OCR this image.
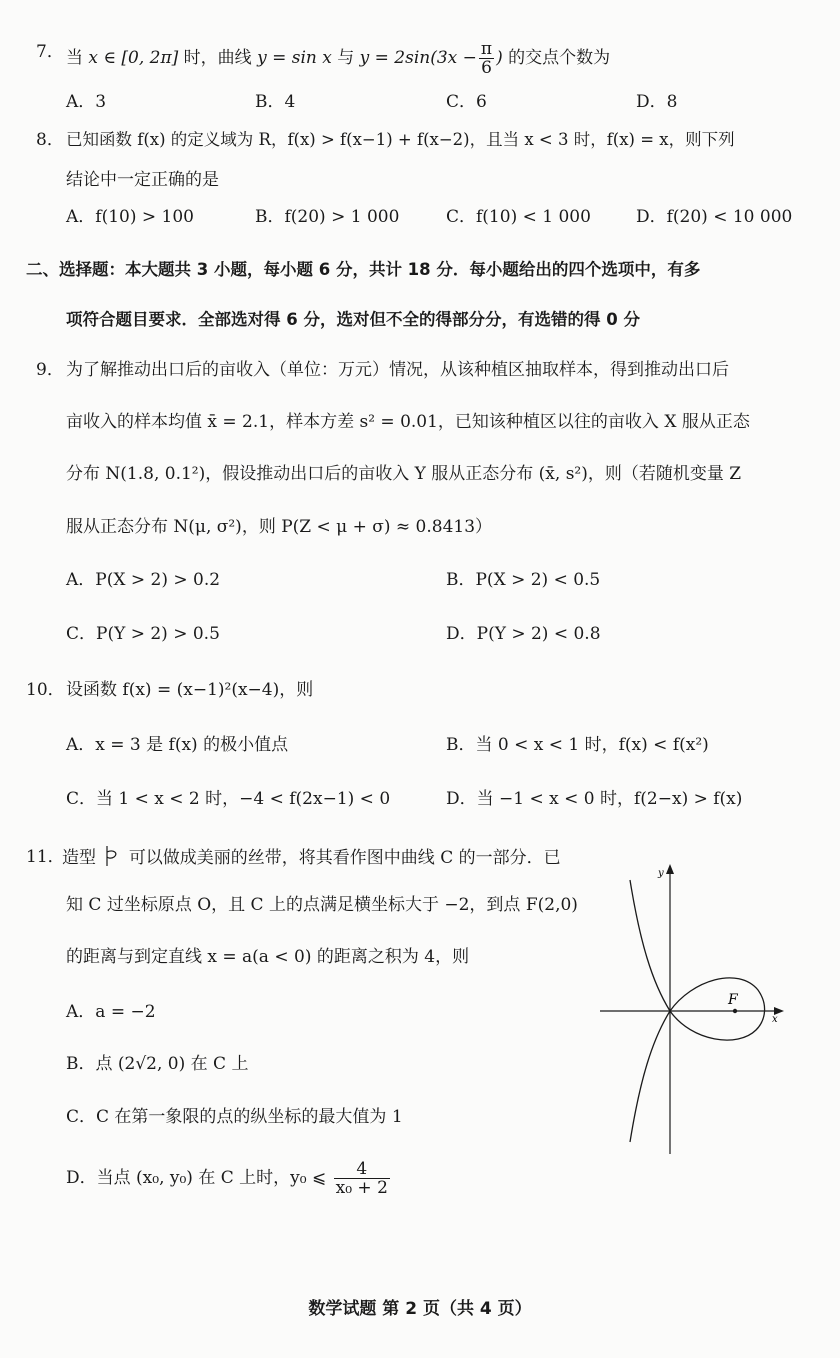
7． 当 x ∈ [0, 2π] 时，曲线 y = sin x 与 $y = 2\sin(3x - \frac{\pi}{6}$ ) 的交点个数为
A．3	B．4	C．6	D．8
8． 已知函数 f(x) 的定义域为 R，f(x) > f(x−1) + f(x−2)，且当 x < 3 时，f(x) = x，则下列
结论中一定正确的是
A．f(10) > 100	B．f(20) > 1 000	C．f(10) < 1 000	D．f(20) < 10 000
二、选择题：本大题共 3 小题，每小题 6 分，共计 18 分．每小题给出的四个选项中，有多
项符合题目要求．全部选对得 6 分，选对但不全的得部分分，有选错的得 0 分
9． 为了解推动出口后的亩收入（单位：万元）情况，从该种植区抽取样本，得到推动出口后
亩收入的样本均值 x̄ = 2.1，样本方差 s² = 0.01，已知该种植区以往的亩收入 X 服从正态
分布 N(1.8, 0.1²)，假设推动出口后的亩收入 Y 服从正态分布 (x̄, s²)，则（若随机变量 Z
服从正态分布 N(μ, σ²)，则 P(Z < μ + σ) ≈ 0.8413）
A．P(X > 2) > 0.2	B．P(X > 2) < 0.5
C．P(Y > 2) > 0.5	D．P(Y > 2) < 0.8
10． 设函数 f(x) = (x−1)²(x−4)，则
A．x = 3 是 f(x) 的极小值点	B．当 0 < x < 1 时，f(x) < f(x²)
C．当 1 < x < 2 时，−4 < f(2x−1) < 0	D．当 −1 < x < 0 时，f(2−x) > f(x)
11．
造型 可以做成美丽的丝带，将其看作图中曲线 C 的一部分．已
知 C 过坐标原点 O，且 C 上的点满足横坐标大于 −2，到点 F(2,0)
的距离与到定直线 x = a(a < 0) 的距离之积为 4，则
A．a = −2
B．点 (2√2, 0) 在 C 上
C．C 在第一象限的点的纵坐标的最大值为 1
D．当点 (x₀, y₀) 在 C 上时，y₀ ⩽ $\frac{4}{\text{x₀ + 2}}$
y
x
F
数学试题 第 2 页（共 4 页）
